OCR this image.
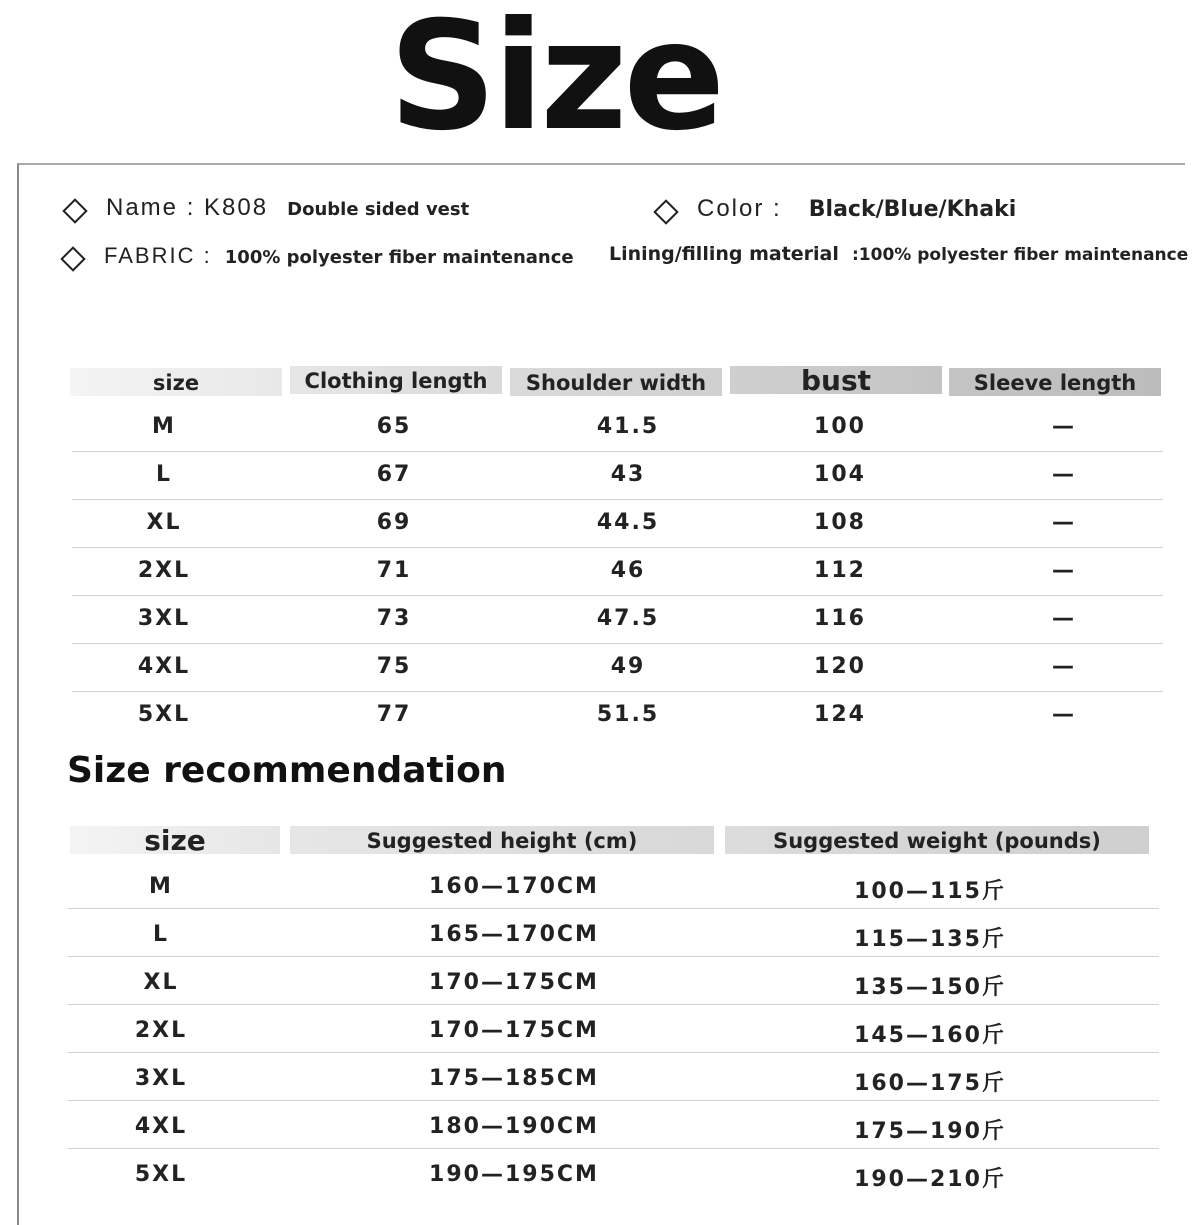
Size
Name : K808 Double sided vest	Color : Black/Blue/Khaki
FABRIC : 100% polyester fiber maintenance Lining/filling material :100% polyester fiber maintenance
size	Clothing length	Shoulder width	bust	Sleeve length
M	65	41.5	100	—
L	67	43	104	—
XL	69	44.5	108	—
2XL	71	46	112	—
3XL	73	47.5	116	—
4XL	75	49	120	—
5XL	77	51.5	124	—
Size recommendation
size	Suggested height (cm)	Suggested weight (pounds)
M	160—170CM	100—115斤
L	165—170CM	115—135斤
XL	170—175CM	135—150斤
2XL	170—175CM	145—160斤
3XL	175—185CM	160—175斤
4XL	180—190CM	175—190斤
5XL	190—195CM	190—210斤
